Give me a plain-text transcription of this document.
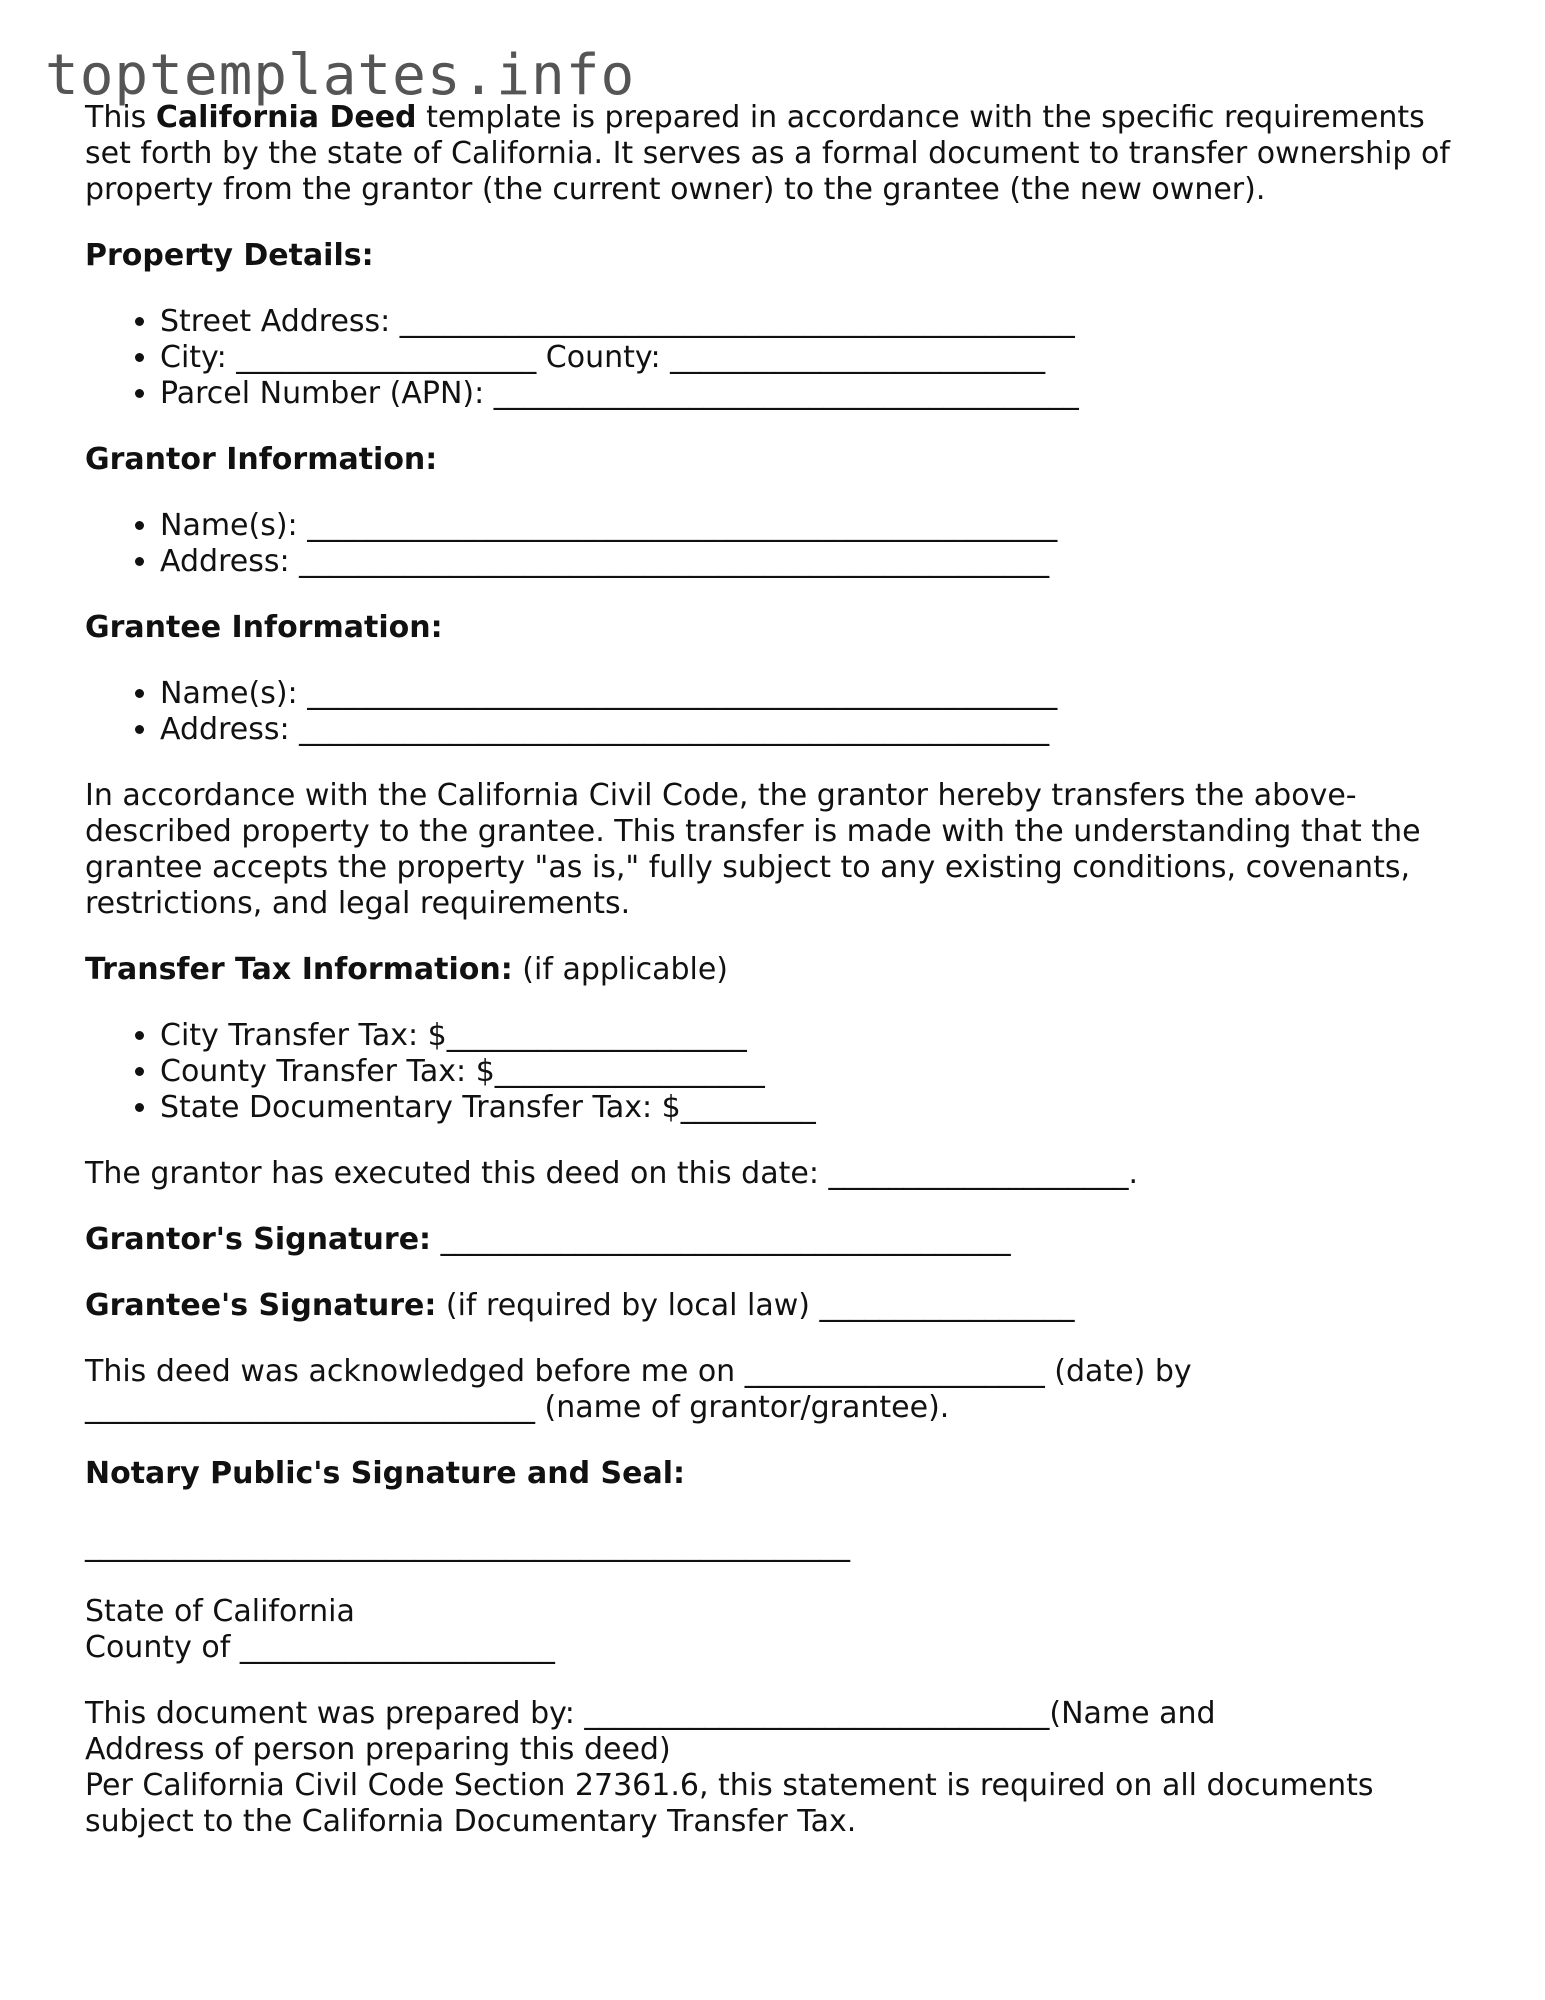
toptemplates.info

This California Deed template is prepared in accordance with the specific requirements set forth by the state of California. It serves as a formal document to transfer ownership of property from the grantor (the current owner) to the grantee (the new owner).

Property Details:

• Street Address: _____________________________________________
• City: ____________________ County: _________________________
• Parcel Number (APN): _______________________________________

Grantor Information:

• Name(s): __________________________________________________
• Address: __________________________________________________

Grantee Information:

• Name(s): __________________________________________________
• Address: __________________________________________________

In accordance with the California Civil Code, the grantor hereby transfers the above-described property to the grantee. This transfer is made with the understanding that the grantee accepts the property "as is," fully subject to any existing conditions, covenants, restrictions, and legal requirements.

Transfer Tax Information: (if applicable)

• City Transfer Tax: $____________________
• County Transfer Tax: $__________________
• State Documentary Transfer Tax: $_________

The grantor has executed this deed on this date: ____________________.

Grantor's Signature: ______________________________________

Grantee's Signature: (if required by local law) _________________

This deed was acknowledged before me on ____________________ (date) by
______________________________ (name of grantor/grantee).

Notary Public's Signature and Seal:

___________________________________________________

State of California
County of _____________________

This document was prepared by: _______________________________(Name and
Address of person preparing this deed)
Per California Civil Code Section 27361.6, this statement is required on all documents
subject to the California Documentary Transfer Tax.
